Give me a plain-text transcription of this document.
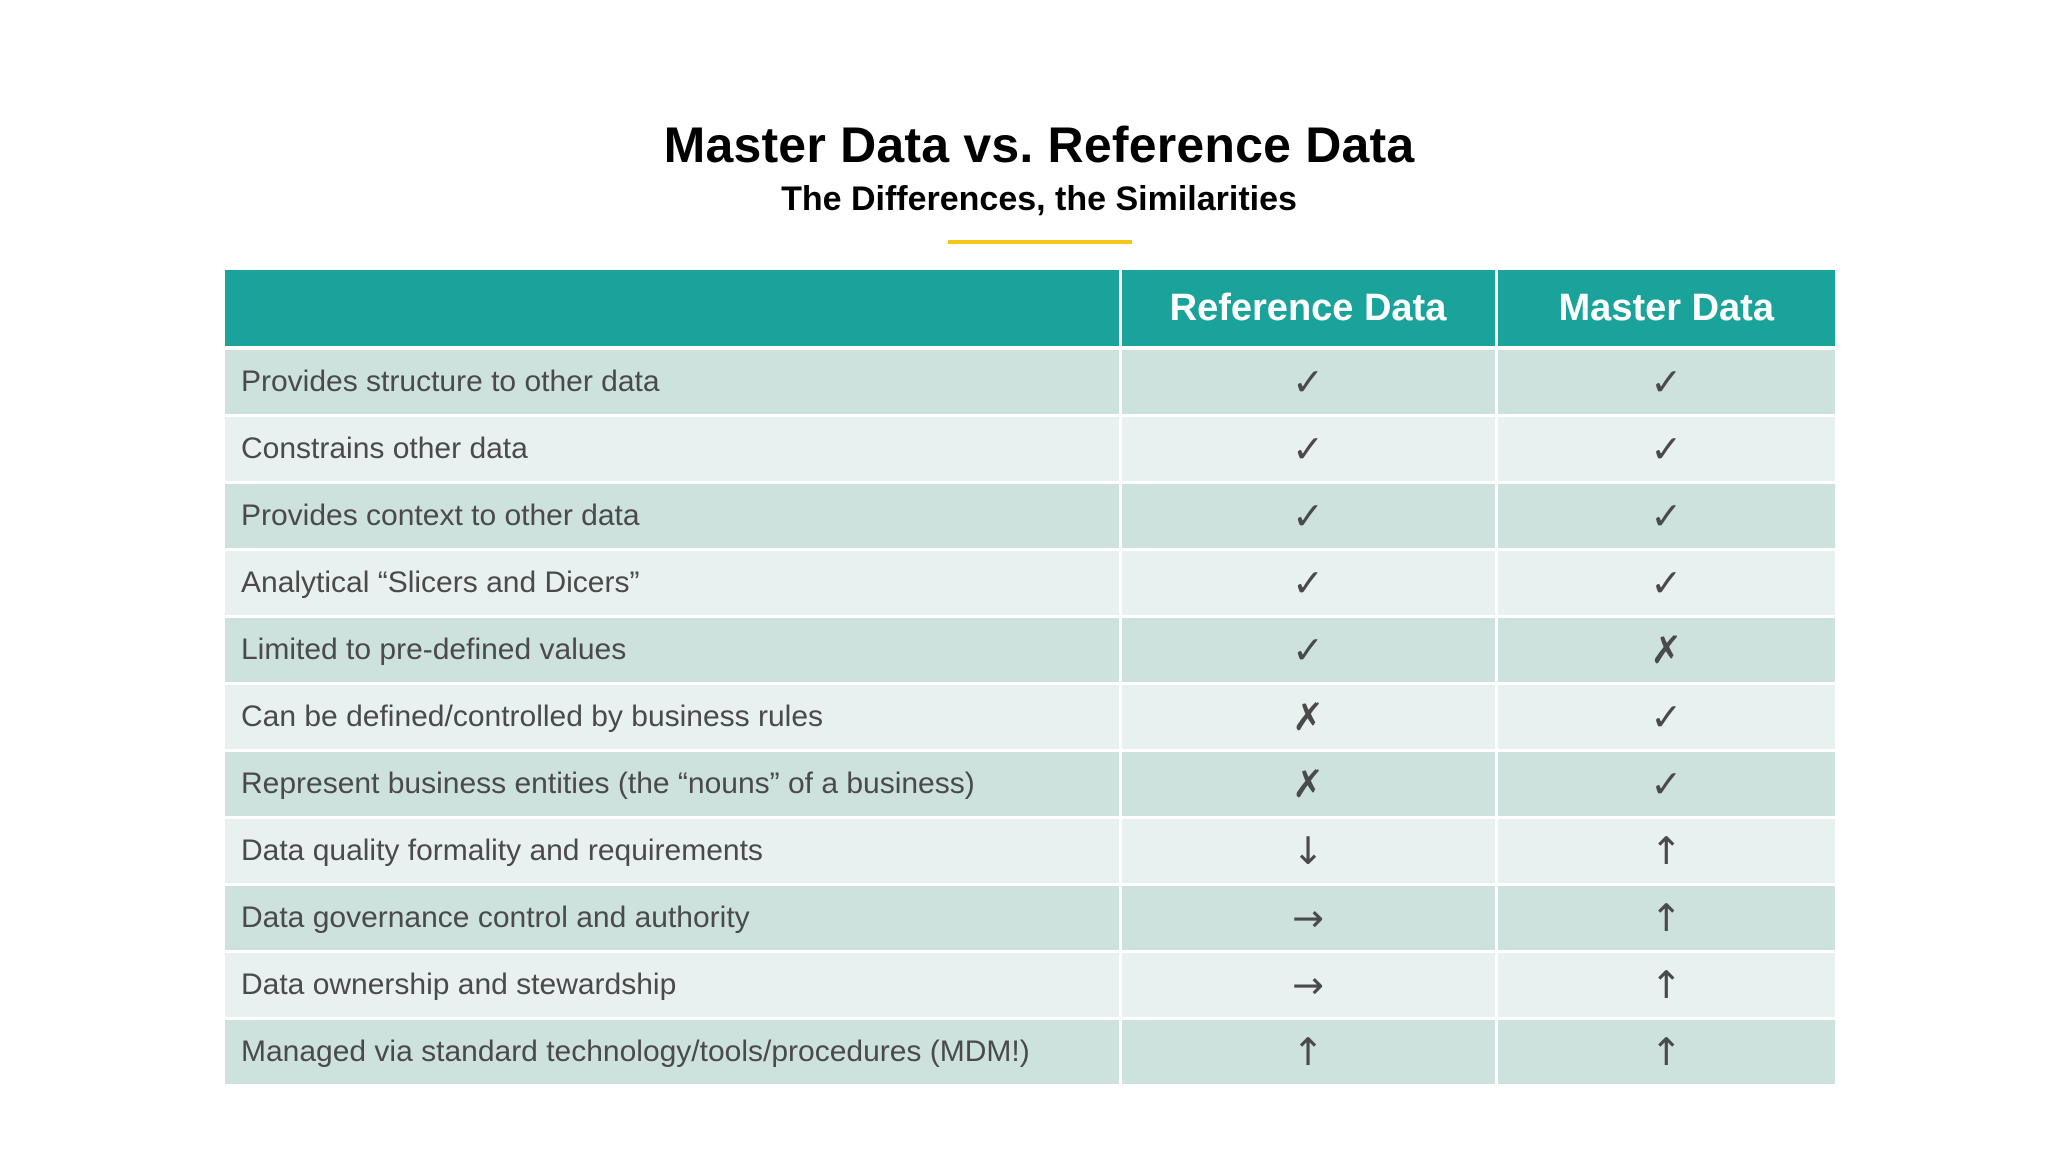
Master Data vs. Reference Data
The Differences, the Similarities
	Reference Data	Master Data
Provides structure to other data	✓	✓
Constrains other data	✓	✓
Provides context to other data	✓	✓
Analytical “Slicers and Dicers”	✓	✓
Limited to pre-defined values	✓	✗
Can be defined/controlled by business rules	✗	✓
Represent business entities (the “nouns” of a business)	✗	✓
Data quality formality and requirements	↓	↑
Data governance control and authority	→	↑
Data ownership and stewardship	→	↑
Managed via standard technology/tools/procedures (MDM!)	↑	↑
